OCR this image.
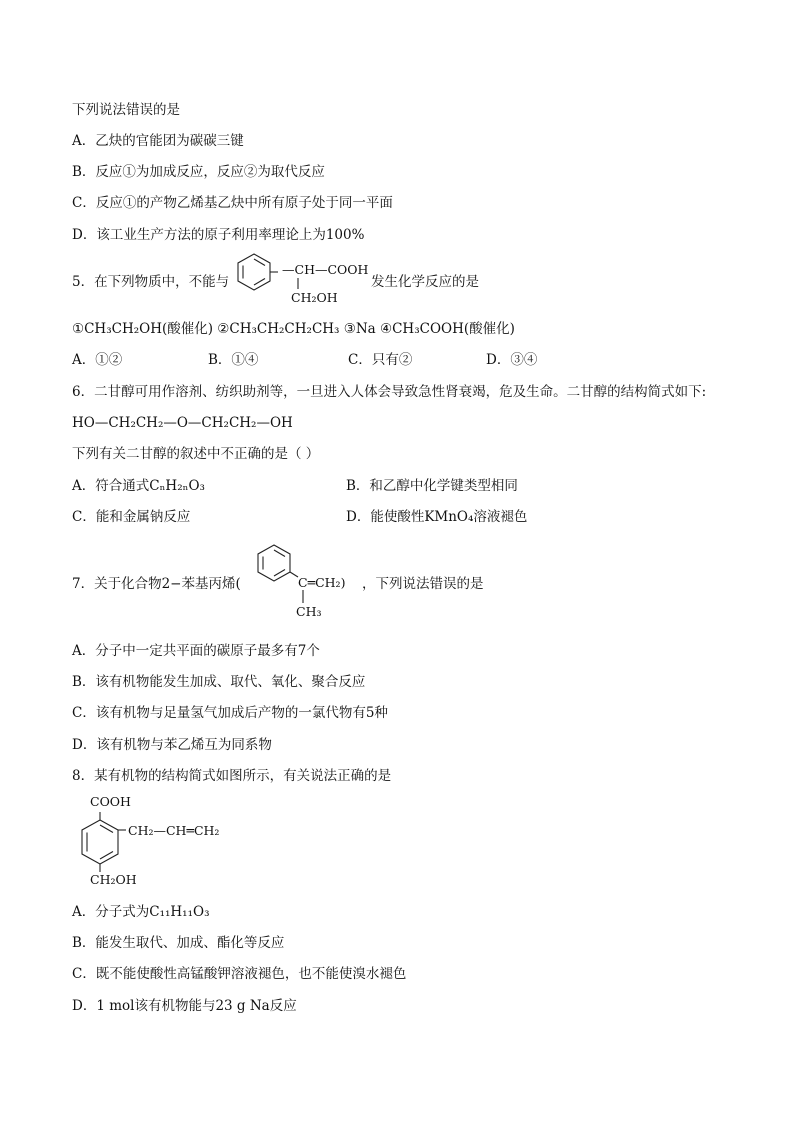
下列说法错误的是
A．乙炔的官能团为碳碳三键
B．反应①为加成反应，反应②为取代反应
C．反应①的产物乙烯基乙炔中所有原子处于同一平面
D．该工业生产方法的原子利用率理论上为100%
5．在下列物质中，不能与
—CH—COOH
CH₂OH
发生化学反应的是
①CH₃CH₂OH(酸催化) ②CH₃CH₂CH₂CH₃ ③Na ④CH₃COOH(酸催化)
A．①②	B．①④	C．只有②	D．③④
6．二甘醇可用作溶剂、纺织助剂等，一旦进入人体会导致急性肾衰竭，危及生命。二甘醇的结构简式如下:
HO—CH₂CH₂—O—CH₂CH₂—OH
下列有关二甘醇的叙述中不正确的是（ ）
A．符合通式CₙH₂ₙO₃	B．和乙醇中化学键类型相同
C．能和金属钠反应	D．能使酸性KMnO₄溶液褪色
7．关于化合物2−苯基丙烯(	C═CH₂)
CH₃
，下列说法错误的是
A．分子中一定共平面的碳原子最多有7个
B．该有机物能发生加成、取代、氧化、聚合反应
C．该有机物与足量氢气加成后产物的一氯代物有5种
D．该有机物与苯乙烯互为同系物
8．某有机物的结构简式如图所示，有关说法正确的是
COOH
CH₂—CH═CH₂
CH₂OH
A．分子式为C₁₁H₁₁O₃
B．能发生取代、加成、酯化等反应
C．既不能使酸性高锰酸钾溶液褪色，也不能使溴水褪色
D．1 mol该有机物能与23 g Na反应
